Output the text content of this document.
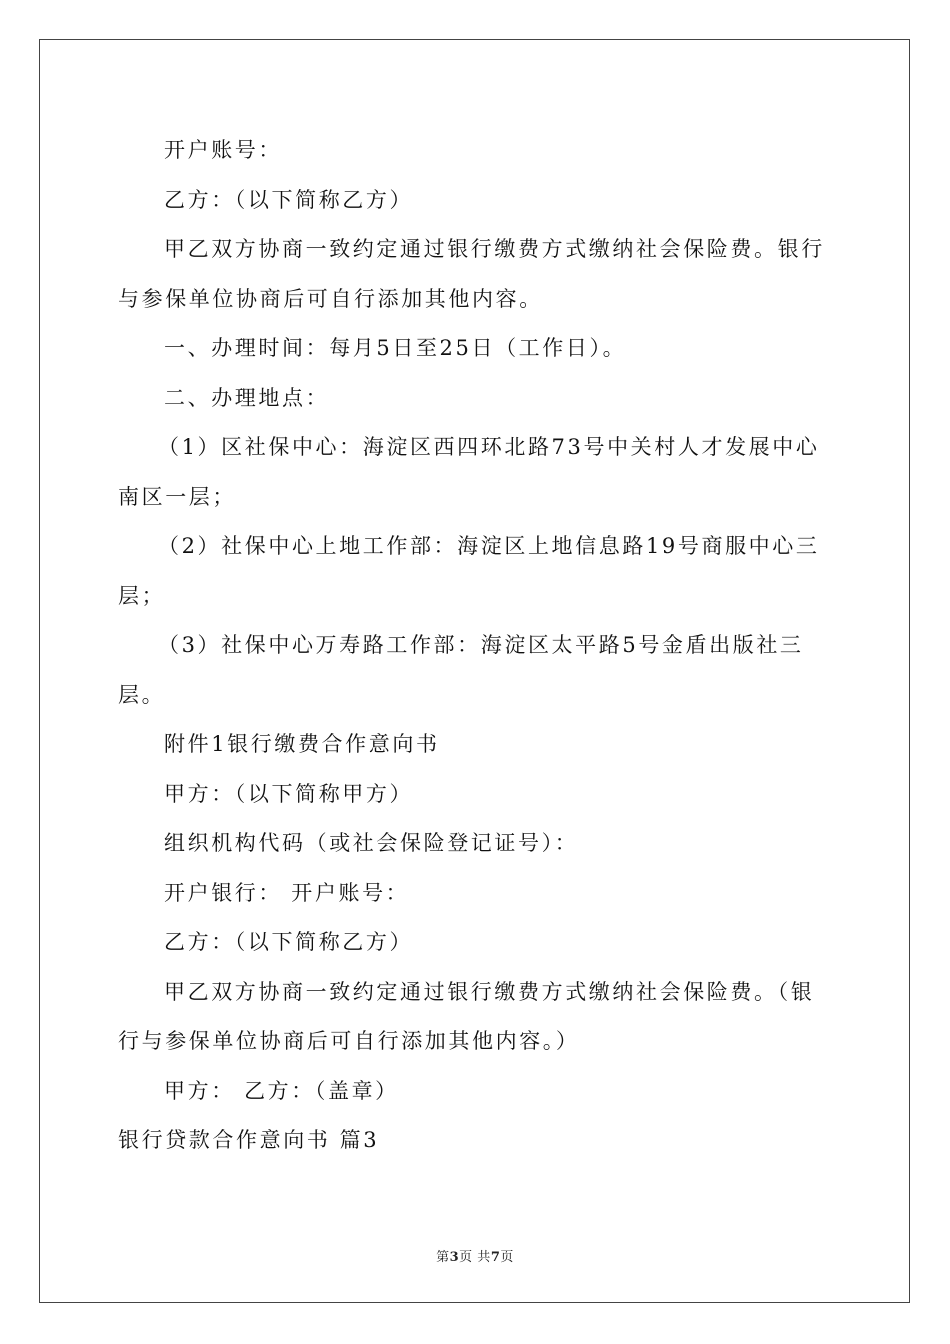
开户账号：
乙方：（以下简称乙方）
甲乙双方协商一致约定通过银行缴费方式缴纳社会保险费。银行
与参保单位协商后可自行添加其他内容。
一、办理时间：每月5日至25日（工作日）。
二、办理地点：
（1）区社保中心：海淀区西四环北路73号中关村人才发展中心
南区一层；
（2）社保中心上地工作部：海淀区上地信息路19号商服中心三
层；
（3）社保中心万寿路工作部：海淀区太平路5号金盾出版社三
层。
附件1银行缴费合作意向书
甲方：（以下简称甲方）
组织机构代码（或社会保险登记证号）：
开户银行： 开户账号：
乙方：（以下简称乙方）
甲乙双方协商一致约定通过银行缴费方式缴纳社会保险费。（银
行与参保单位协商后可自行添加其他内容。）
甲方： 乙方：（盖章）
银行贷款合作意向书 篇3
第3页 共7页
